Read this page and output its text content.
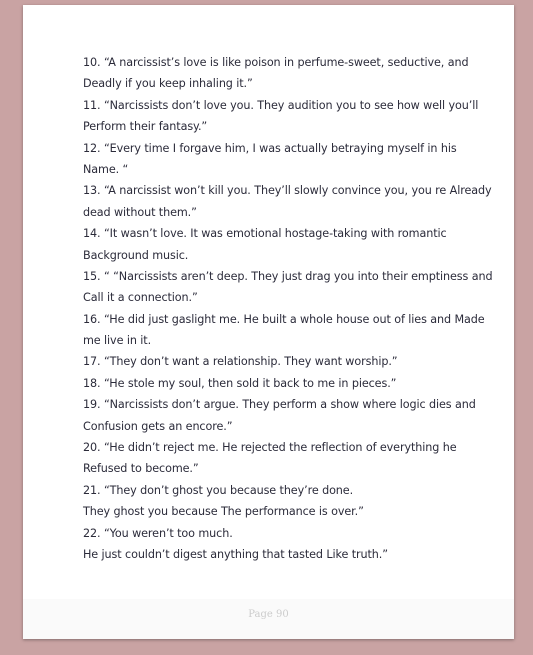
10. “A narcissist’s love is like poison in perfume-sweet, seductive, and
Deadly if you keep inhaling it.”
11. “Narcissists don’t love you. They audition you to see how well you’ll
Perform their fantasy.”
12. “Every time I forgave him, I was actually betraying myself in his
Name. “
13. “A narcissist won’t kill you. They’ll slowly convince you, you re Already
dead without them.”
14. “It wasn’t love. It was emotional hostage-taking with romantic
Background music.
15. “ “Narcissists aren’t deep. They just drag you into their emptiness and
Call it a connection.”
16. “He did just gaslight me. He built a whole house out of lies and Made
me live in it.
17. “They don’t want a relationship. They want worship.”
18. “He stole my soul, then sold it back to me in pieces.”
19. “Narcissists don’t argue. They perform a show where logic dies and
Confusion gets an encore.”
20. “He didn’t reject me. He rejected the reflection of everything he
Refused to become.”
21. “They don’t ghost you because they’re done.
They ghost you because The performance is over.”
22. “You weren’t too much.
He just couldn’t digest anything that tasted Like truth.”
Page 90
